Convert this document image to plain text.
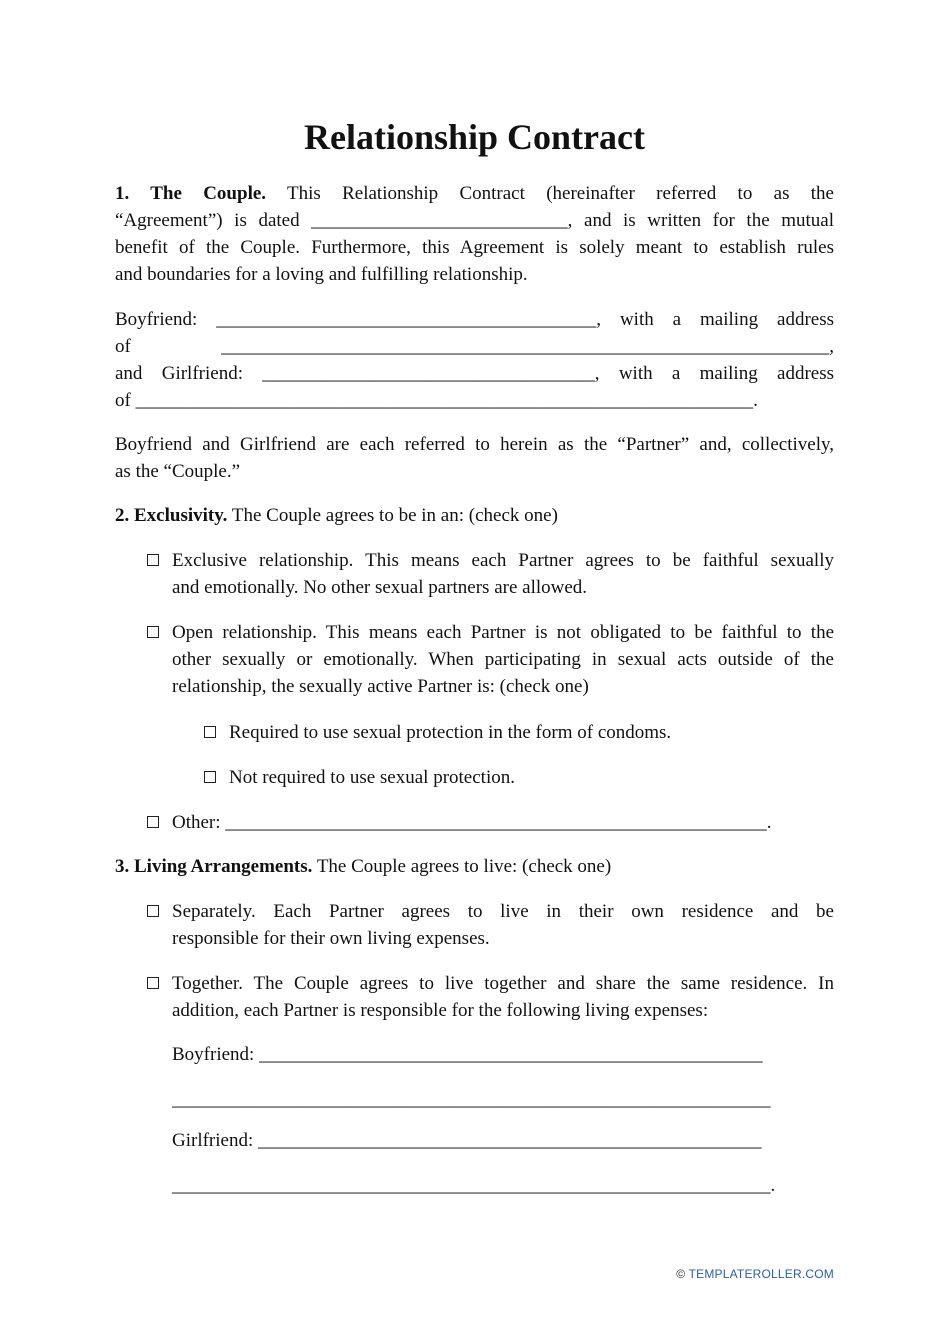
Relationship Contract
1. The Couple. This Relationship Contract (hereinafter referred to as the
“Agreement”) is dated ___________________________, and is written for the mutual
benefit of the Couple. Furthermore, this Agreement is solely meant to establish rules
and boundaries for a loving and fulfilling relationship.
Boyfriend: ________________________________________, with a mailing address
of ________________________________________________________________,
and Girlfriend: ___________________________________, with a mailing address
of _________________________________________________________________.
Boyfriend and Girlfriend are each referred to herein as the “Partner” and, collectively,
as the “Couple.”
2. Exclusivity. The Couple agrees to be in an: (check one)
Exclusive relationship. This means each Partner agrees to be faithful sexually
and emotionally. No other sexual partners are allowed.
Open relationship. This means each Partner is not obligated to be faithful to the
other sexually or emotionally. When participating in sexual acts outside of the
relationship, the sexually active Partner is: (check one)
Required to use sexual protection in the form of condoms.
Not required to use sexual protection.
Other: _________________________________________________________.
3. Living Arrangements. The Couple agrees to live: (check one)
Separately. Each Partner agrees to live in their own residence and be
responsible for their own living expenses.
Together. The Couple agrees to live together and share the same residence. In
addition, each Partner is responsible for the following living expenses:
Boyfriend: _____________________________________________________
_______________________________________________________________
Girlfriend: _____________________________________________________
_______________________________________________________________.
© TEMPLATEROLLER.COM
